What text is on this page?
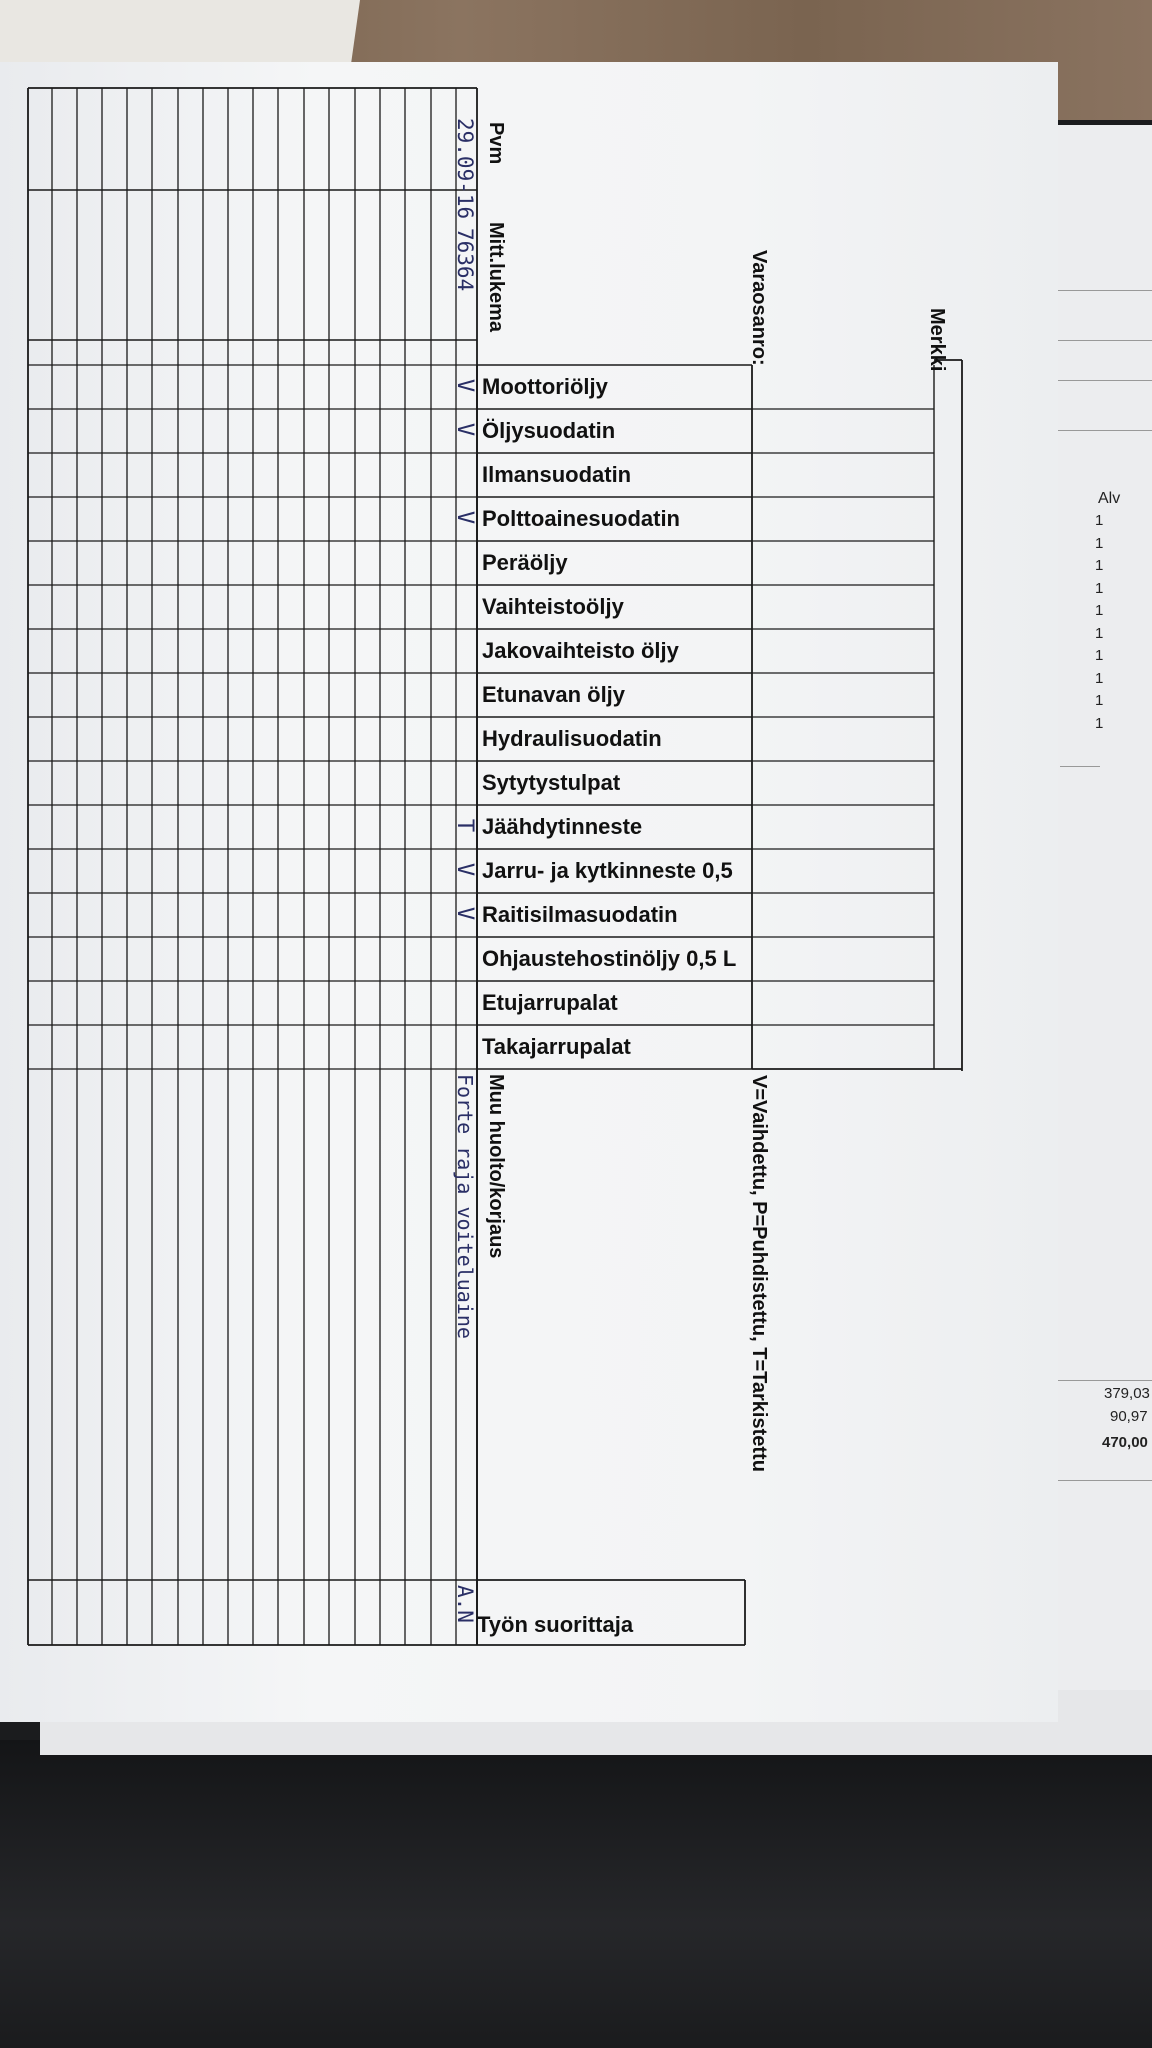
Alv
1
1
1
1
1
1
1
1
1
1
379,03
90,97
470,00
Merkki
Varaosanro:
V=Vaihdettu, P=Puhdistettu, T=Tarkistettu
Pvm
Mitt.lukema
Muu huolto/korjaus
Moottoriöljy
V
Öljysuodatin
V
Ilmansuodatin
Polttoainesuodatin
V
Peräöljy
Vaihteistoöljy
Jakovaihteisto öljy
Etunavan öljy
Hydraulisuodatin
Sytytystulpat
Jäähdytinneste
T
Jarru- ja kytkinneste 0,5
V
Raitisilmasuodatin
V
Ohjaustehostinöljy 0,5 L
Etujarrupalat
Takajarrupalat
Työn suorittaja
29.09-16
76364
Forte raja voiteluaine
A.N
